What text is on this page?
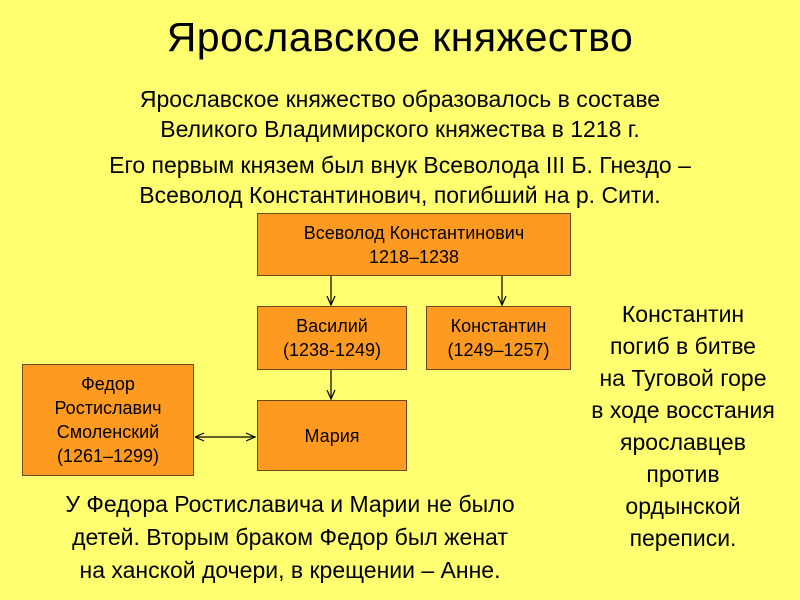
Ярославское княжество
Ярославское княжество образовалось в составе
Великого Владимирского княжества в 1218 г.
Его первым князем был внук Всеволода III Б. Гнездо –
Всеволод Константинович, погибший на р. Сити.
Всеволод Константинович
1218–1238
Василий
(1238-1249)
Константин
(1249–1257)
Мария
Федор
Ростиславич
Смоленский
(1261–1299)
Константин
погиб в битве
на Туговой горе
в ходе восстания
ярославцев
против
ордынской
переписи.
У Федора Ростиславича и Марии не было
детей. Вторым браком Федор был женат
на ханской дочери, в крещении – Анне.
